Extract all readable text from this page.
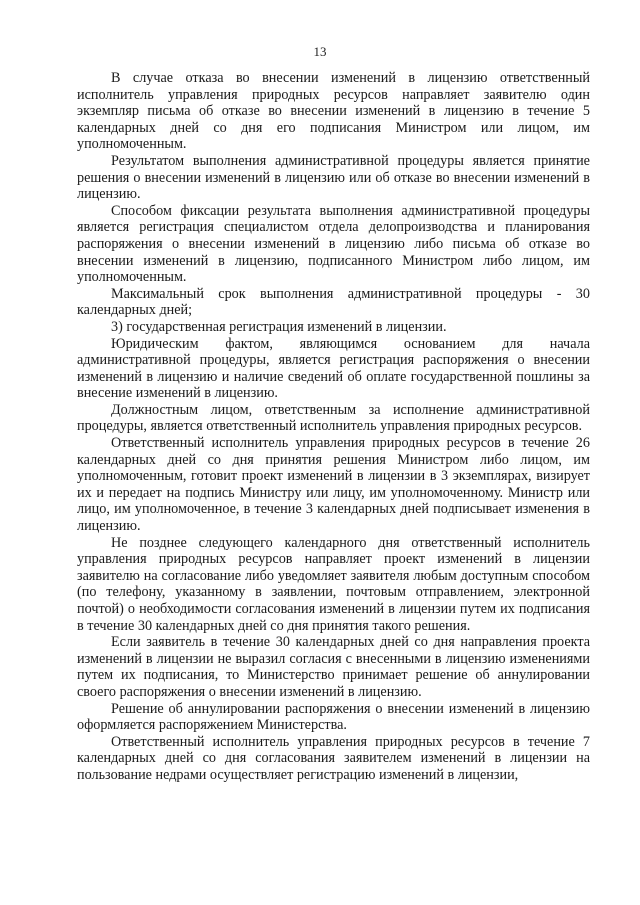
13

В случае отказа во внесении изменений в лицензию ответственный исполнитель управления природных ресурсов направляет заявителю один экземпляр письма об отказе во внесении изменений в лицензию в течение 5 календарных дней со дня его подписания Министром или лицом, им уполномоченным.

Результатом выполнения административной процедуры является принятие решения о внесении изменений в лицензию или об отказе во внесении изменений в лицензию.

Способом фиксации результата выполнения административной процедуры является регистрация специалистом отдела делопроизводства и планирования распоряжения о внесении изменений в лицензию либо письма об отказе во внесении изменений в лицензию, подписанного Министром либо лицом, им уполномоченным.

Максимальный срок выполнения административной процедуры - 30 календарных дней;

3) государственная регистрация изменений в лицензии.

Юридическим фактом, являющимся основанием для начала административной процедуры, является регистрация распоряжения о внесении изменений в лицензию и наличие сведений об оплате государственной пошлины за внесение изменений в лицензию.

Должностным лицом, ответственным за исполнение административной процедуры, является ответственный исполнитель управления природных ресурсов.

Ответственный исполнитель управления природных ресурсов в течение 26 календарных дней со дня принятия решения Министром либо лицом, им уполномоченным, готовит проект изменений в лицензии в 3 экземплярах, визирует их и передает на подпись Министру или лицу, им уполномоченному. Министр или лицо, им уполномоченное, в течение 3 календарных дней подписывает изменения в лицензию.

Не позднее следующего календарного дня ответственный исполнитель управления природных ресурсов направляет проект изменений в лицензии заявителю на согласование либо уведомляет заявителя любым доступным способом (по телефону, указанному в заявлении, почтовым отправлением, электронной почтой) о необходимости согласования изменений в лицензии путем их подписания в течение 30 календарных дней со дня принятия такого решения.

Если заявитель в течение 30 календарных дней со дня направления проекта изменений в лицензии не выразил согласия с внесенными в лицензию изменениями путем их подписания, то Министерство принимает решение об аннулировании своего распоряжения о внесении изменений в лицензию.

Решение об аннулировании распоряжения о внесении изменений в лицензию оформляется распоряжением Министерства.

Ответственный исполнитель управления природных ресурсов в течение 7 календарных дней со дня согласования заявителем изменений в лицензии на пользование недрами осуществляет регистрацию изменений в лицензии,
